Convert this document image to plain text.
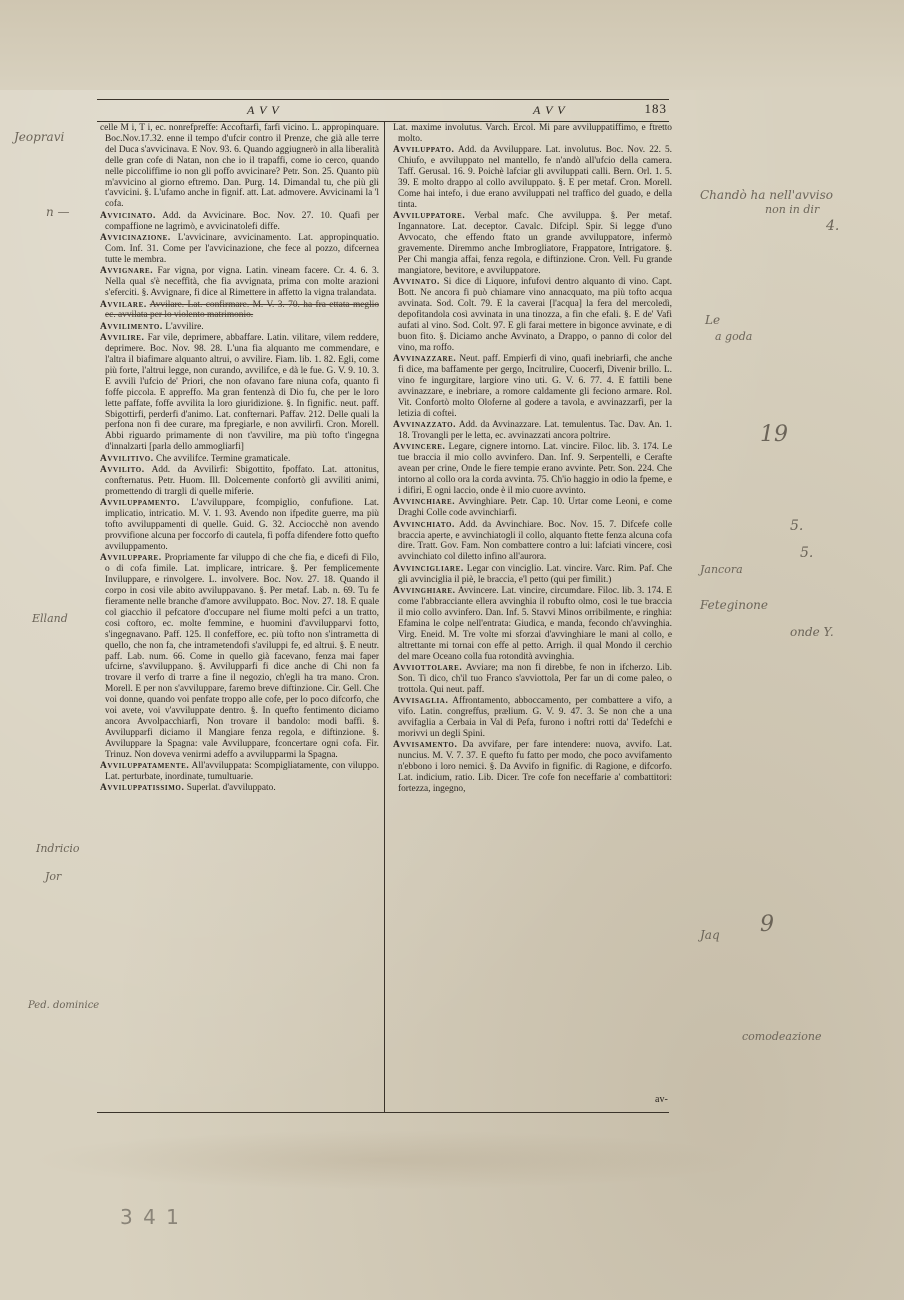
A V V	A V V	183
celle M i, T i, ec. nonrefpreffe: Accoftarfi, farfi vicino. L. appropinquare. Boc.Nov.17.32. enne il tempo d'ufcir contro il Prenze, che già alle terre del Duca s'avvicinava. E Nov. 93. 6. Quando aggiugnerò in alla liberalità delle gran cofe di Natan, non che io il trapaffi, come io cerco, quando nelle piccoliffime io non gli poffo avvicinare? Petr. Son. 25. Quanto più m'avvicino al giorno eftremo. Dan. Purg. 14. Dimandal tu, che più gli t'avvicini. §. L'ufamo anche in fignif. att. Lat. admovere. Avvicinami la 'l cofa.
Avvicinato. Add. da Avvicinare. Boc. Nov. 27. 10. Quafi per compaffione ne lagrimò, e avvicinatolefi diffe.
Avvicinazione. L'avvicinare, avvicinamento. Lat. appropinquatio. Com. Inf. 31. Come per l'avvicinazione, che fece al pozzo, difcernea tutte le membra.
Avvignare. Far vigna, por vigna. Latin. vineam facere. Cr. 4. 6. 3. Nella qual s'è neceffità, che fia avvignata, prima con molte arazioni s'eferciti. §. Avvignare, fi dice al Rimettere in affetto la vigna tralandata.
Avvilare. Avvilare. Lat. confirmare. M. V. 3. 70. ha fra ettata meglio ec. avvilata per lo violento matrimonio.
Avvilimento. L'avvilire.
Avvilire. Far vile, deprimere, abbaffare. Latin. vilitare, vilem reddere, deprimere. Boc. Nov. 98. 28. L'una fia alquanto me commendare, e l'altra il biafimare alquanto altrui, o avvilire. Fiam. lib. 1. 82. Egli, come più forte, l'altrui legge, non curando, avvilifce, e dà le fue. G. V. 9. 10. 3. E avvilì l'ufcio de' Priori, che non ofavano fare niuna cofa, quanto fi foffe piccola. E appreffo. Ma gran fentenzà di Dio fu, che per le loro lette paffate, foffe avvilita la loro giuridizione. §. In fignific. neut. paff. Sbigottirfi, perderfi d'animo. Lat. confternari. Paffav. 212. Delle quali la perfona non fi dee curare, ma fpregiarle, e non avvilirfi. Cron. Morell. Abbi riguardo primamente di non t'avvilire, ma più tofto t'ingegna d'innalzarti [parla dello ammogliarfi]
Avvilitivo. Che avvilifce. Termine gramaticale.
Avvilito. Add. da Avvilirfi: Sbigottito, fpoffato. Lat. attonitus, confternatus. Petr. Huom. Ill. Dolcemente confortò gli avviliti animi, promettendo di trargli di quelle miferie.
Avviluppamento. L'avviluppare, fcompiglio, confufione. Lat. implicatio, intricatio. M. V. 1. 93. Avendo non ifpedite guerre, ma più tofto avviluppamenti di quelle. Guid. G. 32. Acciocchè non avendo provvifione alcuna per foccorfo di cautela, fi poffa difendere fotto quefto avviluppamento.
Avviluppare. Propriamente far viluppo di che che fia, e dicefi di Filo, o di cofa fimile. Lat. implicare, intricare. §. Per femplicemente Inviluppare, e rinvolgere. L. involvere. Boc. Nov. 27. 18. Quando il corpo in cosi vile abito avviluppavano. §. Per metaf. Lab. n. 69. Tu fe fieramente nelle branche d'amore avviluppato. Boc. Nov. 27. 18. E quale col giacchio il pefcatore d'occupare nel fiume molti pefci a un tratto, cosi coftoro, ec. molte femmine, e huomini d'avvilupparvi fotto, s'ingegnavano. Paff. 125. Il confeffore, ec. più tofto non s'intrametta di quello, che non fa, che intrametendofi s'aviluppi fe, ed altrui. §. E neutr. paff. Lab. num. 66. Come in quello già facevano, fenza mai faper ufcirne, s'avviluppano. §. Avvilupparfi fi dice anche di Chi non fa trovare il verfo di trarre a fine il negozio, ch'egli ha tra mano. Cron. Morell. E per non s'avviluppare, faremo breve diftinzione. Cir. Gell. Che voi donne, quando voi penfate troppo alle cofe, per lo poco difcorfo, che voi avete, voi v'avviluppate dentro. §. In quefto fentimento diciamo ancora Avvolpacchiarfi, Non trovare il bandolo: modi baffi. §. Avvilupparfi diciamo il Mangiare fenza regola, e diftinzione. §. Avviluppare la Spagna: vale Avviluppare, fconcertare ogni cofa. Fir. Trinuz. Non doveva venirmi adeffo a avvilupparmi la Spagna.
Avviluppatamente. All'avviluppata: Scompigliatamente, con viluppo. Lat. perturbate, inordinate, tumultuarie.
Avviluppatissimo. Superlat. d'avviluppato.
Lat. maxime involutus. Varch. Ercol. Mi pare avviluppatiffimo, e ftretto molto.
Avviluppato. Add. da Avviluppare. Lat. involutus. Boc. Nov. 22. 5. Chiufo, e avviluppato nel mantello, fe n'andò all'ufcio della camera. Taff. Gerusal. 16. 9. Poichè lafciar gli avviluppati calli. Bern. Orl. 1. 5. 39. E molto drappo al collo avviluppato. §. E per metaf. Cron. Morell. Come hai intefo, i due erano avviluppati nel traffico del guado, e della tinta.
Avviluppatore. Verbal mafc. Che avviluppa. §. Per metaf. Ingannatore. Lat. deceptor. Cavalc. Difcipl. Spir. Si legge d'uno Avvocato, che effendo ftato un grande avviluppatore, infermò gravemente. Diremmo anche Imbrogliatore, Frappatore, Intrigatore. §. Per Chi mangia affai, fenza regola, e diftinzione. Cron. Vell. Fu grande mangiatore, bevitore, e avviluppatore.
Avvinato. Si dice di Liquore, infufovi dentro alquanto di vino. Capt. Bott. Ne ancora fi può chiamare vino annacquato, ma più tofto acqua avvinata. Sod. Colt. 79. E la caverai [l'acqua] la fera del mercoledì, depofitandola così avvinata in una tinozza, a fin che efali. §. E de' Vafi aufati al vino. Sod. Colt. 97. E gli farai mettere in bigonce avvinate, e di buon fito. §. Diciamo anche Avvinato, a Drappo, o panno di color del vino, ma roffo.
Avvinazzare. Neut. paff. Empierfi di vino, quafi inebriarfi, che anche fi dice, ma baffamente per gergo, Incitrulire, Cuocerfi, Divenir brillo. L. vino fe ingurgitare, largiore vino uti. G. V. 6. 77. 4. E fattili bene avvinazzare, e inebriare, a romore caldamente gli feciono armare. Rol. Vit. Confortò molto Oloferne al godere a tavola, e avvinazzarfi, per la letizia di coftei.
Avvinazzato. Add. da Avvinazzare. Lat. temulentus. Tac. Dav. An. 1. 18. Trovangli per le letta, ec. avvinazzati ancora poltrire.
Avvincere. Legare, cignere intorno. Lat. vincire. Filoc. lib. 3. 174. Le tue braccia il mio collo avvinfero. Dan. Inf. 9. Serpentelli, e Cerafte avean per crine, Onde le fiere tempie erano avvinte. Petr. Son. 224. Che intorno al collo ora la corda avvinta. 75. Ch'io haggio in odio la fpeme, e i difiri, E ogni laccio, onde è il mio cuore avvinto.
Avvinchiare. Avvinghiare. Petr. Cap. 10. Urtar come Leoni, e come Draghi Colle code avvinchiarfi.
Avvinchiato. Add. da Avvinchiare. Boc. Nov. 15. 7. Difcefe colle braccia aperte, e avvinchiatogli il collo, alquanto ftette fenza alcuna cofa dire. Tratt. Gov. Fam. Non combattere contro a lui: lafciati vincere, così avvinchiato col diletto infino all'aurora.
Avvincigliare. Legar con vinciglio. Lat. vincire. Varc. Rim. Paf. Che gli avvinciglia il piè, le braccia, e'l petto (qui per fimilit.)
Avvinghiare. Avvincere. Lat. vincire, circumdare. Filoc. lib. 3. 174. E come l'abbracciante ellera avvinghia il robufto olmo, così le tue braccia il mio collo avvinfero. Dan. Inf. 5. Stavvi Minos orribilmente, e ringhia: Efamina le colpe nell'entrata: Giudica, e manda, fecondo ch'avvinghia. Virg. Eneid. M. Tre volte mi sforzai d'avvinghiare le mani al collo, e altrettante mi tornai con effe al petto. Arrigh. il qual Mondo il cerchio del mare Oceano colla fua rotondità avvinghia.
Avviottolare. Avviare; ma non fi direbbe, fe non in ifcherzo. Lib. Son. Ti dico, ch'il tuo Franco s'avviottola, Per far un di come paleo, o trottola. Qui neut. paff.
Avvisaglia. Affrontamento, abboccamento, per combattere a vifo, a vifo. Latin. congreffus, prælium. G. V. 9. 47. 3. Se non che a una avvifaglia a Cerbaia in Val di Pefa, furono i noftri rotti da' Tedefchi e morivvi un degli Spini.
Avvisamento. Da avvifare, per fare intendere: nuova, avvifo. Lat. nuncius. M. V. 7. 37. E quefto fu fatto per modo, che poco avvifamento n'ebbono i loro nemici. §. Da Avvifo in fignific. di Ragione, e difcorfo. Lat. indicium, ratio. Lib. Dicer. Tre cofe fon neceffarie a' combattitori: fortezza, ingegno,
av-
Jeopravi
n —
Chandò ha nell'avviso
non in dir
4.
Le
a goda
19
5.
5.
Jancora
Feteginone
onde Y.
9
Jaq
comodeazione
Elland
Indricio
Jor
Ped. dominice
3 4 1
